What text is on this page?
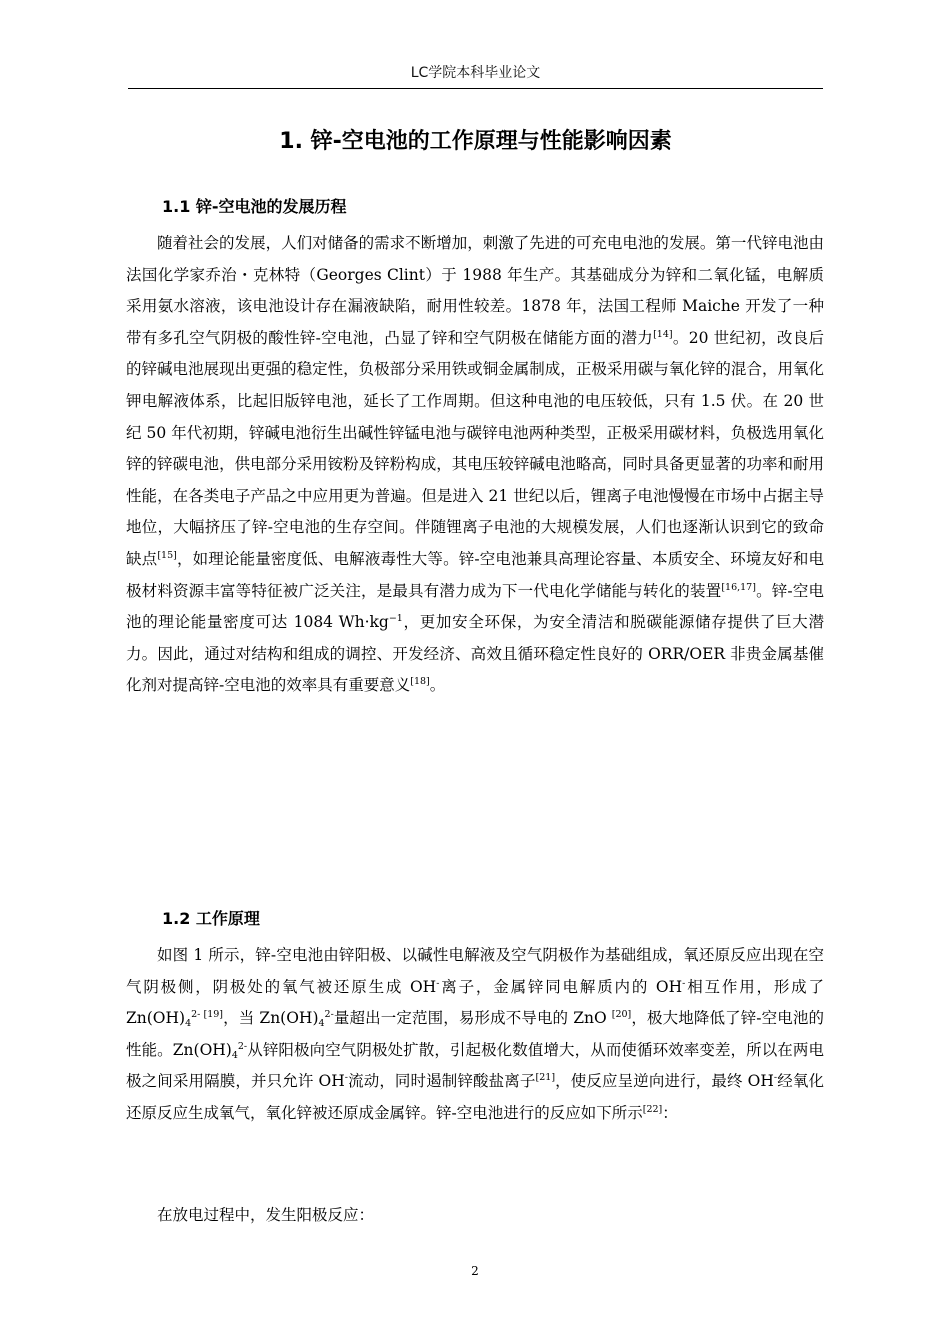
LC学院本科毕业论文
1. 锌-空电池的工作原理与性能影响因素
1.1 锌-空电池的发展历程

随着社会的发展，人们对储备的需求不断增加，刺激了先进的可充电电池的发展。第一代锌电池由法国化学家乔治・克林特（Georges Clint）于 1988 年生产。其基础成分为锌和二氧化锰，电解质采用氨水溶液，该电池设计存在漏液缺陷，耐用性较差。1878 年，法国工程师 Maiche 开发了一种带有多孔空气阴极的酸性锌-空电池，凸显了锌和空气阴极在储能方面的潜力[14]。20 世纪初，改良后的锌碱电池展现出更强的稳定性，负极部分采用铁或铜金属制成，正极采用碳与氧化锌的混合，用氧化钾电解液体系，比起旧版锌电池，延长了工作周期。但这种电池的电压较低，只有 1.5 伏。在 20 世纪 50 年代初期，锌碱电池衍生出碱性锌锰电池与碳锌电池两种类型，正极采用碳材料，负极选用氧化锌的锌碳电池，供电部分采用铵粉及锌粉构成，其电压较锌碱电池略高，同时具备更显著的功率和耐用性能，在各类电子产品之中应用更为普遍。但是进入 21 世纪以后，锂离子电池慢慢在市场中占据主导地位，大幅挤压了锌-空电池的生存空间。伴随锂离子电池的大规模发展，人们也逐渐认识到它的致命缺点[15]，如理论能量密度低、电解液毒性大等。锌-空电池兼具高理论容量、本质安全、环境友好和电极材料资源丰富等特征被广泛关注，是最具有潜力成为下一代电化学储能与转化的装置[16,17]。锌-空电池的理论能量密度可达 1084 $Wh\cdot kg^{-1}$，更加安全环保，为安全清洁和脱碳能源储存提供了巨大潜力。因此，通过对结构和组成的调控、开发经济、高效且循环稳定性良好的 ORR/OER 非贵金属基催化剂对提高锌-空电池的效率具有重要意义[18]。

1.2 工作原理

如图 1 所示，锌-空电池由锌阳极、以碱性电解液及空气阴极作为基础组成，氧还原反应出现在空气阴极侧，阴极处的氧气被还原生成 OH-离子，金属锌同电解质内的 OH-相互作用，形成了 $Zn(OH)_4^{2- [19]}$，当 $Zn(OH)_4^{2-}$量超出一定范围，易形成不导电的 ZnO [20]，极大地降低了锌-空电池的性能。$Zn(OH)_4^{2-}$从锌阳极向空气阴极处扩散，引起极化数值增大，从而使循环效率变差，所以在两电极之间采用隔膜，并只允许 OH-流动，同时遏制锌酸盐离子[21]，使反应呈逆向进行，最终 OH-经氧化还原反应生成氧气，氧化锌被还原成金属锌。锌-空电池进行的反应如下所示[22]：

在放电过程中，发生阳极反应：

2
